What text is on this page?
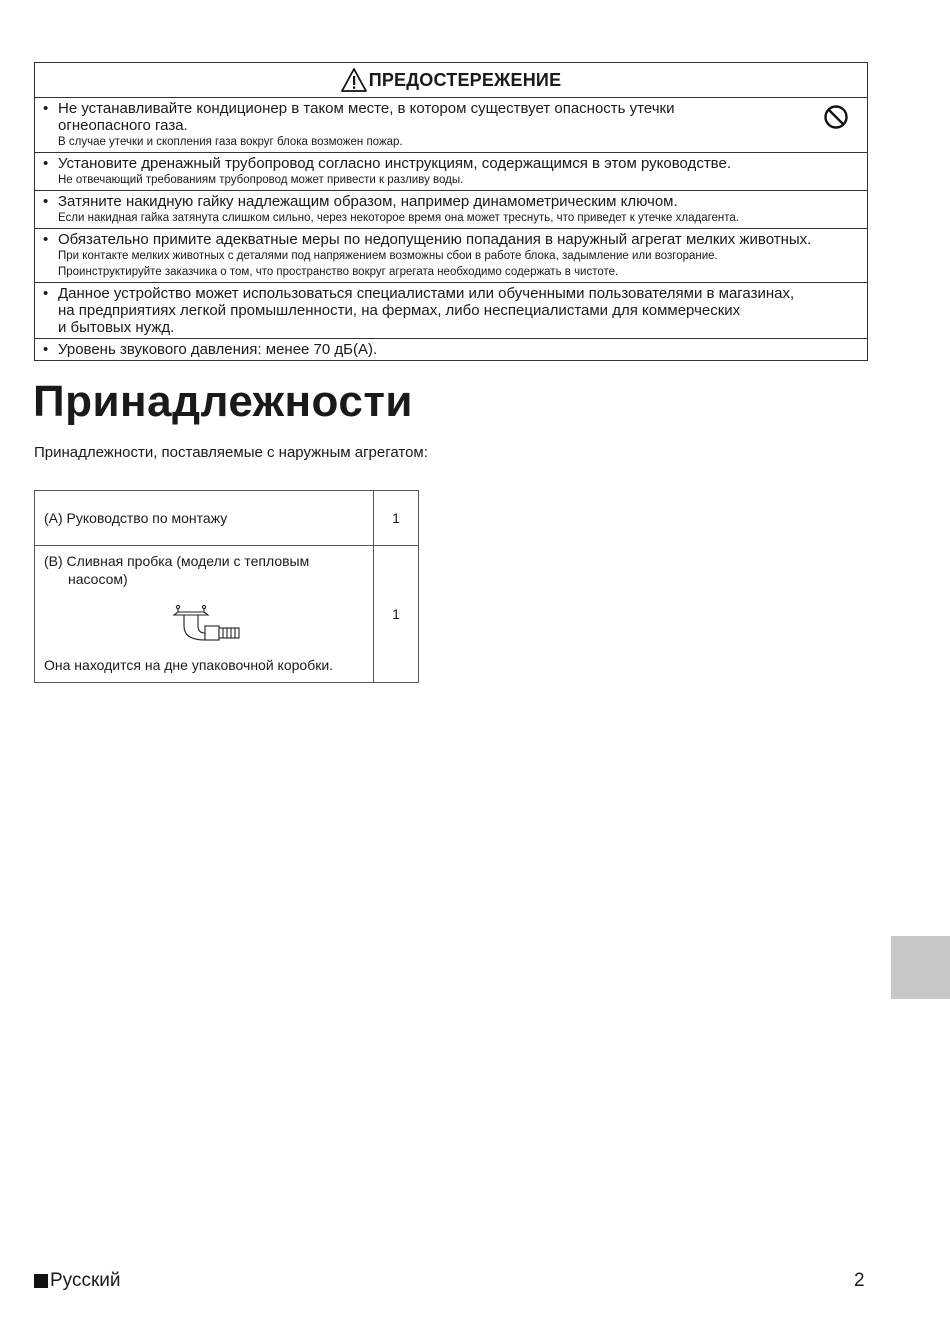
ПРЕДОСТЕРЕЖЕНИЕ
• Не устанавливайте кондиционер в таком месте, в котором существует опасность утечки
огнеопасного газа.
В случае утечки и скопления газа вокруг блока возможен пожар.
• Установите дренажный трубопровод согласно инструкциям, содержащимся в этом руководстве.
Не отвечающий требованиям трубопровод может привести к разливу воды.
• Затяните накидную гайку надлежащим образом, например динамометрическим ключом.
Если накидная гайка затянута слишком сильно, через некоторое время она может треснуть, что приведет к утечке хладагента.
• Обязательно примите адекватные меры по недопущению попадания в наружный агрегат мелких животных.
При контакте мелких животных с деталями под напряжением возможны сбои в работе блока, задымление или возгорание.
Проинструктируйте заказчика о том, что пространство вокруг агрегата необходимо содержать в чистоте.
• Данное устройство может использоваться специалистами или обученными пользователями в магазинах,
на предприятиях легкой промышленности, на фермах, либо неспециалистами для коммерческих
и бытовых нужд.
• Уровень звукового давления: менее 70 дБ(A).
Принадлежности
Принадлежности, поставляемые с наружным агрегатом:
(A) Руководство по монтажу	1

(B) Сливная пробка (модели с тепловым
насосом)
Она находится на дне упаковочной коробки.	1
Русский	2
